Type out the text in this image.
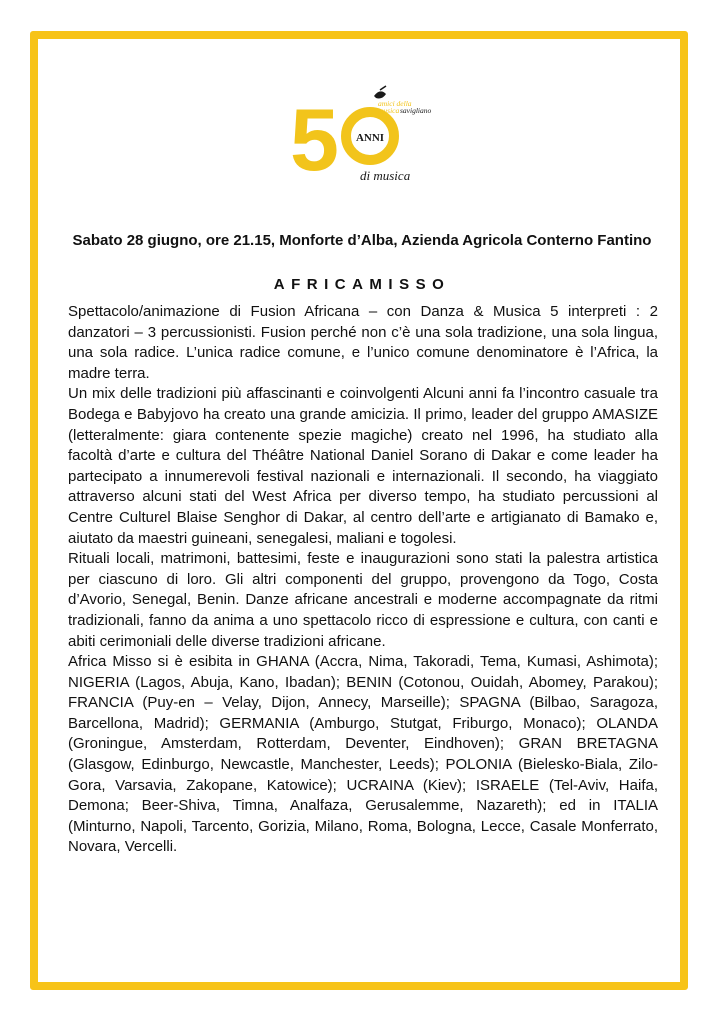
5 ANNI
amici della
musica savigliano
di musica
Sabato 28 giugno, ore 21.15, Monforte d’Alba, Azienda Agricola Conterno Fantino
AFRICAMISSO

Spettacolo/animazione di Fusion Africana – con Danza & Musica 5 interpreti : 2 danzatori – 3 percussionisti. Fusion perché non c’è una sola tradizione, una sola lingua, una sola radice. L’unica radice comune, e l’unico comune denominatore è l’Africa, la madre terra.

Un mix delle tradizioni più affascinanti e coinvolgenti Alcuni anni fa l’incontro casuale tra Bodega e Babyjovo ha creato una grande amicizia. Il primo, leader del gruppo AMASIZE (letteralmente: giara contenente spezie magiche) creato nel 1996, ha studiato alla facoltà d’arte e cultura del Théâtre National Daniel Sorano di Dakar e come leader ha partecipato a innumerevoli festival nazionali e internazionali. Il secondo, ha viaggiato attraverso alcuni stati del West Africa per diverso tempo, ha studiato percussioni al Centre Culturel Blaise Senghor di Dakar, al centro dell’arte e artigianato di Bamako e, aiutato da maestri guineani, senegalesi, maliani e togolesi.

Rituali locali, matrimoni, battesimi, feste e inaugurazioni sono stati la palestra artistica per ciascuno di loro. Gli altri componenti del gruppo, provengono da Togo, Costa d’Avorio, Senegal, Benin. Danze africane ancestrali e moderne accompagnate da ritmi tradizionali, fanno da anima a uno spettacolo ricco di espressione e cultura, con canti e abiti cerimoniali delle diverse tradizioni africane.

Africa Misso si è esibita in GHANA (Accra, Nima, Takoradi, Tema, Kumasi, Ashimota); NIGERIA (Lagos, Abuja, Kano, Ibadan); BENIN (Cotonou, Ouidah, Abomey, Parakou); FRANCIA (Puy-en – Velay, Dijon, Annecy, Marseille); SPAGNA (Bilbao, Saragoza, Barcellona, Madrid); GERMANIA (Amburgo, Stutgat, Friburgo, Monaco); OLANDA (Groningue, Amsterdam, Rotterdam, Deventer, Eindhoven); GRAN BRETAGNA (Glasgow, Edinburgo, Newcastle, Manchester, Leeds); POLONIA (Bielesko-Biala, Zilo-Gora, Varsavia, Zakopane, Katowice); UCRAINA (Kiev); ISRAELE (Tel-Aviv, Haifa, Demona; Beer-Shiva, Timna, Analfaza, Gerusalemme, Nazareth); ed in ITALIA (Minturno, Napoli, Tarcento, Gorizia, Milano, Roma, Bologna, Lecce, Casale Monferrato, Novara, Vercelli.
